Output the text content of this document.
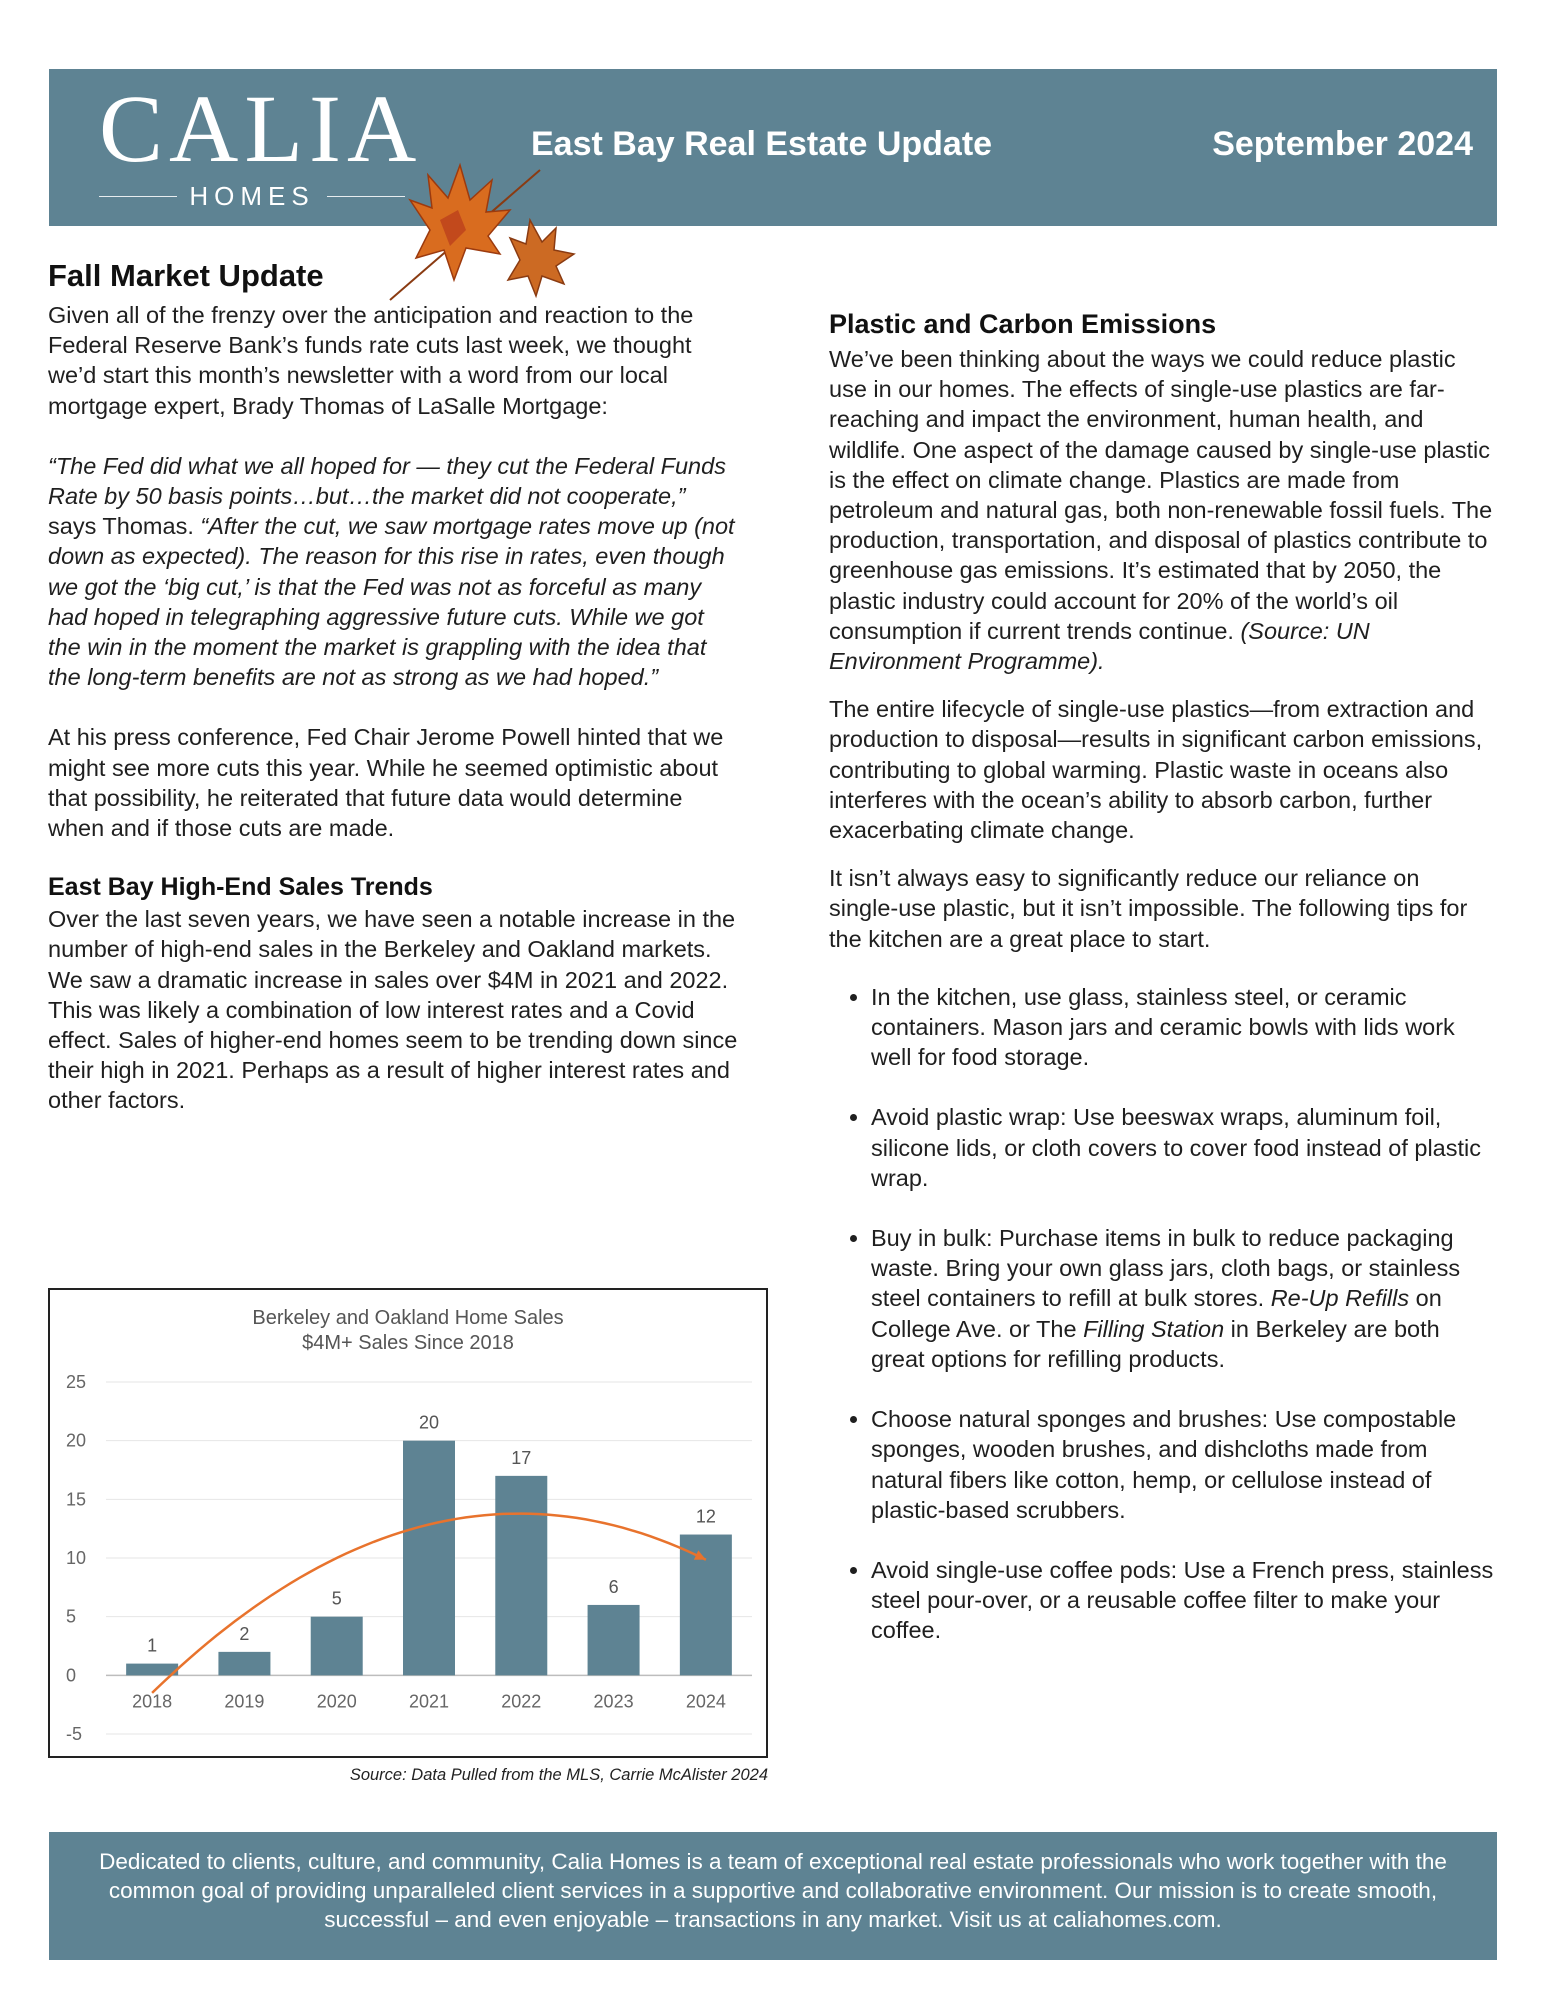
CALIA
HOMES
East Bay Real Estate Update	September 2024
Fall Market Update

Given all of the frenzy over the anticipation and reaction to the Federal Reserve Bank’s funds rate cuts last week, we thought we’d start this month’s newsletter with a word from our local mortgage expert, Brady Thomas of LaSalle Mortgage:

“The Fed did what we all hoped for — they cut the Federal Funds Rate by 50 basis points…but…the market did not cooperate,” says Thomas. “After the cut, we saw mortgage rates move up (not down as expected). The reason for this rise in rates, even though we got the ‘big cut,’ is that the Fed was not as forceful as many had hoped in telegraphing aggressive future cuts. While we got the win in the moment the market is grappling with the idea that the long-term benefits are not as strong as we had hoped.”

At his press conference, Fed Chair Jerome Powell hinted that we might see more cuts this year. While he seemed optimistic about that possibility, he reiterated that future data would determine when and if those cuts are made.

East Bay High-End Sales Trends

Over the last seven years, we have seen a notable increase in the number of high-end sales in the Berkeley and Oakland markets. We saw a dramatic increase in sales over $4M in 2021 and 2022. This was likely a combination of low interest rates and a Covid effect. Sales of higher-end homes seem to be trending down since their high in 2021. Perhaps as a result of higher interest rates and other factors.

Berkeley and Oakland Home Sales
$4M+ Sales Since 2018
25
20
15
10
5
0
-5
1
2018
2
2019
5
2020
20
2021
17
2022
6
2023
12
2024
Source: Data Pulled from the MLS, Carrie McAlister 2024
Plastic and Carbon Emissions

We’ve been thinking about the ways we could reduce plastic use in our homes. The effects of single-use plastics are far-reaching and impact the environment, human health, and wildlife. One aspect of the damage caused by single-use plastic is the effect on climate change. Plastics are made from petroleum and natural gas, both non-renewable fossil fuels. The production, transportation, and disposal of plastics contribute to greenhouse gas emissions. It’s estimated that by 2050, the plastic industry could account for 20% of the world’s oil consumption if current trends continue. (Source: UN Environment Programme).

The entire lifecycle of single-use plastics—from extraction and production to disposal—results in significant carbon emissions, contributing to global warming. Plastic waste in oceans also interferes with the ocean’s ability to absorb carbon, further exacerbating climate change.

It isn’t always easy to significantly reduce our reliance on single-use plastic, but it isn’t impossible. The following tips for the kitchen are a great place to start.

• In the kitchen, use glass, stainless steel, or ceramic containers. Mason jars and ceramic bowls with lids work well for food storage.
• Avoid plastic wrap: Use beeswax wraps, aluminum foil, silicone lids, or cloth covers to cover food instead of plastic wrap.
• Buy in bulk: Purchase items in bulk to reduce packaging waste. Bring your own glass jars, cloth bags, or stainless steel containers to refill at bulk stores. Re-Up Refills on College Ave. or The Filling Station in Berkeley are both great options for refilling products.
• Choose natural sponges and brushes: Use compostable sponges, wooden brushes, and dishcloths made from natural fibers like cotton, hemp, or cellulose instead of plastic-based scrubbers.
• Avoid single-use coffee pods: Use a French press, stainless steel pour-over, or a reusable coffee filter to make your coffee.
Dedicated to clients, culture, and community, Calia Homes is a team of exceptional real estate professionals who work together with the common goal of providing unparalleled client services in a supportive and collaborative environment. Our mission is to create smooth, successful – and even enjoyable – transactions in any market. Visit us at caliahomes.com.
